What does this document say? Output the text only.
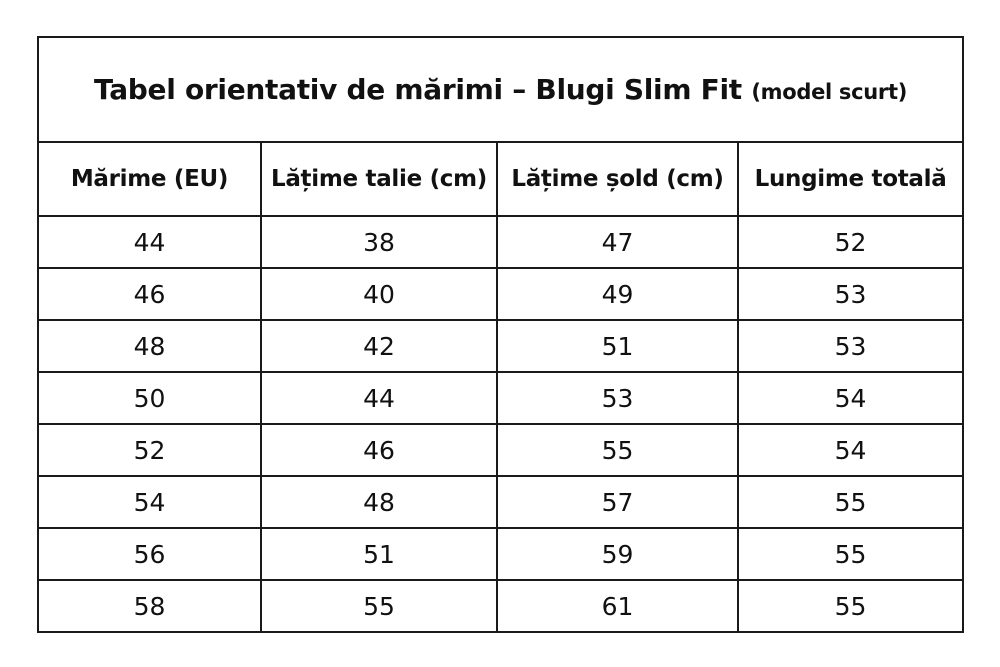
Tabel orientativ de mărimi – Blugi Slim Fit (model scurt)			
Mărime (EU)	Lățime talie (cm)	Lățime șold (cm)	Lungime totală
44	38	47	52
46	40	49	53
48	42	51	53
50	44	53	54
52	46	55	54
54	48	57	55
56	51	59	55
58	55	61	55
